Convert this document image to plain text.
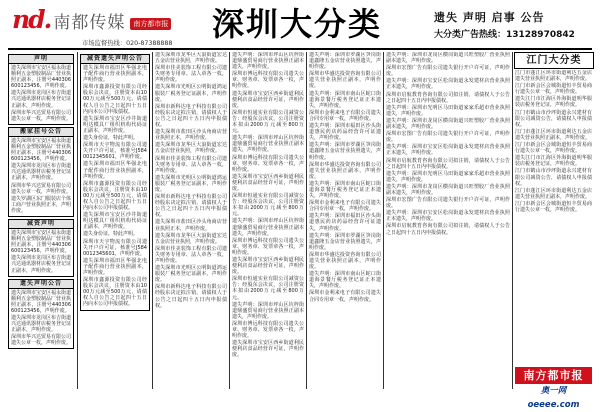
nd. 南都传媒	南方都市报
市场监督热线：020-87388888
深圳大分类	遗失 声明 启事 公告
大分类广告热线：13128970842
声明
遗失深圳市宝安区福永街道顺利五金塑胶制品厂营业执照正副本，注册号440306600123456，声明作废。
遗失深圳市龙岗区布吉街道兴达通讯器材店税务登记证正副本，声明作废。
深圳市华兴达贸易有限公司遗失公章一枚，声明作废。
搬家挂号公告
遗失深圳市宝安区福永街道顺利五金塑胶制品厂营业执照正副本，注册号440306600123456，声明作废。
遗失深圳市龙岗区布吉街道兴达通讯器材店税务登记证正副本，声明作废。
深圳市华兴达贸易有限公司遗失公章一枚，声明作废。
遗失罗湖区东门服装店个体工商户营业执照正本，声明作废。
减资声明
遗失深圳市宝安区福永街道顺利五金塑胶制品厂营业执照正副本，注册号440306600123456，声明作废。
遗失深圳市龙岗区布吉街道兴达通讯器材店税务登记证正副本，声明作废。
遗失声明公告
遗失深圳市宝安区福永街道顺利五金塑胶制品厂营业执照正副本，注册号440306600123456，声明作废。
遗失深圳市龙岗区布吉街道兴达通讯器材店税务登记证正副本，声明作废。
深圳市华兴达贸易有限公司遗失公章一枚，声明作废。
减资遗失声明公告
遗失深圳市福田区华强北电子配件商行营业执照副本，声明作废。
深圳市鑫源投资有限公司经股东会决议，注册资本由1000万元减至500万元，请债权人自公告之日起四十五日内向本公司申报债权。
遗失深圳市宝安区沙井街道明达模具厂组织机构代码证正副本，声明作废。
遗失身份证，特此声明。
深圳市天宇物流有限公司遗失开户许可证，核准号J5840012345601，声明作废。
遗失深圳市福田区华强北电子配件商行营业执照副本，声明作废。
深圳市鑫源投资有限公司经股东会决议，注册资本由1000万元减至500万元，请债权人自公告之日起四十五日内向本公司申报债权。
遗失深圳市宝安区沙井街道明达模具厂组织机构代码证正副本，声明作废。
遗失身份证，特此声明。
深圳市天宇物流有限公司遗失开户许可证，核准号J5840012345601，声明作废。
遗失深圳市福田区华强北电子配件商行营业执照副本，声明作废。
深圳市鑫源投资有限公司经股东会决议，注册资本由1000万元减至500万元，请债权人自公告之日起四十五日内向本公司申报债权。
遗失深圳市龙华区大浪街道宏达五金店营业执照，声明作废。
深圳市佳美装饰工程有限公司遗失财务专用章、法人章各一枚，声明作废。
遗失深圳市光明区公明街道鸿运服装厂税务登记证副本，声明作废。
深圳市新科达电子科技有限公司经股东决定拟注销，请债权人于公告之日起四十五日内申报债权。
遗失深圳市盐田区沙头角商店营业执照正本，声明作废。
遗失深圳市龙华区大浪街道宏达五金店营业执照，声明作废。
深圳市佳美装饰工程有限公司遗失财务专用章、法人章各一枚，声明作废。
遗失深圳市光明区公明街道鸿运服装厂税务登记证副本，声明作废。
深圳市新科达电子科技有限公司经股东决定拟注销，请债权人于公告之日起四十五日内申报债权。
遗失深圳市盐田区沙头角商店营业执照正本，声明作废。
遗失深圳市龙华区大浪街道宏达五金店营业执照，声明作废。
深圳市佳美装饰工程有限公司遗失财务专用章、法人章各一枚，声明作废。
遗失深圳市光明区公明街道鸿运服装厂税务登记证副本，声明作废。
深圳市新科达电子科技有限公司经股东决定拟注销，请债权人于公告之日起四十五日内申报债权。
遗失声明：深圳市坪山区坑梓街道鼎盛贸易商行营业执照正副本遗失，声明作废。
深圳市博远科技有限公司遗失公章、财务章、发票章各一枚，声明作废。
遗失深圳市宝安区西乡街道利民便利店食品经营许可证，声明作废。
深圳市恒通实业有限公司减资公告：经股东会决议，公司注册资本拟由2000万元减至800万元。
遗失声明：深圳市坪山区坑梓街道鼎盛贸易商行营业执照正副本遗失，声明作废。
深圳市博远科技有限公司遗失公章、财务章、发票章各一枚，声明作废。
遗失深圳市宝安区西乡街道利民便利店食品经营许可证，声明作废。
深圳市恒通实业有限公司减资公告：经股东会决议，公司注册资本拟由2000万元减至800万元。
遗失声明：深圳市坪山区坑梓街道鼎盛贸易商行营业执照正副本遗失，声明作废。
深圳市博远科技有限公司遗失公章、财务章、发票章各一枚，声明作废。
遗失深圳市宝安区西乡街道利民便利店食品经营许可证，声明作废。
深圳市恒通实业有限公司减资公告：经股东会决议，公司注册资本拟由2000万元减至800万元。
遗失声明：深圳市坪山区坑梓街道鼎盛贸易商行营业执照正副本遗失，声明作废。
深圳市博远科技有限公司遗失公章、财务章、发票章各一枚，声明作废。
遗失深圳市宝安区西乡街道利民便利店食品经营许可证，声明作废。
遗失声明：深圳市罗湖区笋岗街道鑫隆五金店营业执照遗失，声明作废。
深圳市华盛达投资咨询有限公司遗失营业执照正副本，声明作废。
遗失声明：深圳市南山区蛇口街道海景餐厅税务登记证正本遗失，声明作废。
深圳市金利来电子有限公司遗失合同专用章一枚，声明作废。
遗失声明：深圳市福田区沙头街道惠民药店药品经营许可证遗失，声明作废。
遗失声明：深圳市罗湖区笋岗街道鑫隆五金店营业执照遗失，声明作废。
深圳市华盛达投资咨询有限公司遗失营业执照正副本，声明作废。
遗失声明：深圳市南山区蛇口街道海景餐厅税务登记证正本遗失，声明作废。
深圳市金利来电子有限公司遗失合同专用章一枚，声明作废。
遗失声明：深圳市福田区沙头街道惠民药店药品经营许可证遗失，声明作废。
遗失声明：深圳市罗湖区笋岗街道鑫隆五金店营业执照遗失，声明作废。
深圳市华盛达投资咨询有限公司遗失营业执照正副本，声明作废。
遗失声明：深圳市南山区蛇口街道海景餐厅税务登记证正本遗失，声明作废。
深圳市金利来电子有限公司遗失合同专用章一枚，声明作废。
遗失声明：深圳市龙岗区横岗街道兴旺塑胶厂营业执照副本遗失，声明作废。
深圳市宏图广告有限公司遗失银行开户许可证，声明作废。
遗失声明：深圳市宝安区松岗街道永发建材店营业执照正本遗失，声明作废。
深圳市启航教育咨询有限公司拟注销，请债权人于公告之日起四十五日内申报债权。
遗失声明：深圳市光明区马田街道家家乐超市营业执照遗失，声明作废。
遗失声明：深圳市龙岗区横岗街道兴旺塑胶厂营业执照副本遗失，声明作废。
深圳市宏图广告有限公司遗失银行开户许可证，声明作废。
遗失声明：深圳市宝安区松岗街道永发建材店营业执照正本遗失，声明作废。
深圳市启航教育咨询有限公司拟注销，请债权人于公告之日起四十五日内申报债权。
遗失声明：深圳市光明区马田街道家家乐超市营业执照遗失，声明作废。
遗失声明：深圳市龙岗区横岗街道兴旺塑胶厂营业执照副本遗失，声明作废。
深圳市宏图广告有限公司遗失银行开户许可证，声明作废。
遗失声明：深圳市宝安区松岗街道永发建材店营业执照正本遗失，声明作废。
深圳市启航教育咨询有限公司拟注销，请债权人于公告之日起四十五日内申报债权。
江门大分类
江门市蓬江区环市街道利达五金店遗失营业执照正副本，声明作废。
江门市新会区会城街道恒丰贸易商行遗失公章一枚，声明作废。
遗失江门市江海区外海街道明华服装店税务登记证，声明作废。
江门市鹤山市沙坪街道永兴建材有限公司减资公告，请债权人申报债权。
江门市蓬江区环市街道利达五金店遗失营业执照正副本，声明作废。
江门市新会区会城街道恒丰贸易商行遗失公章一枚，声明作废。
遗失江门市江海区外海街道明华服装店税务登记证，声明作废。
江门市鹤山市沙坪街道永兴建材有限公司减资公告，请债权人申报债权。
江门市蓬江区环市街道利达五金店遗失营业执照正副本，声明作废。
江门市新会区会城街道恒丰贸易商行遗失公章一枚，声明作废。
南方都市报
奥一网oeeee.com
